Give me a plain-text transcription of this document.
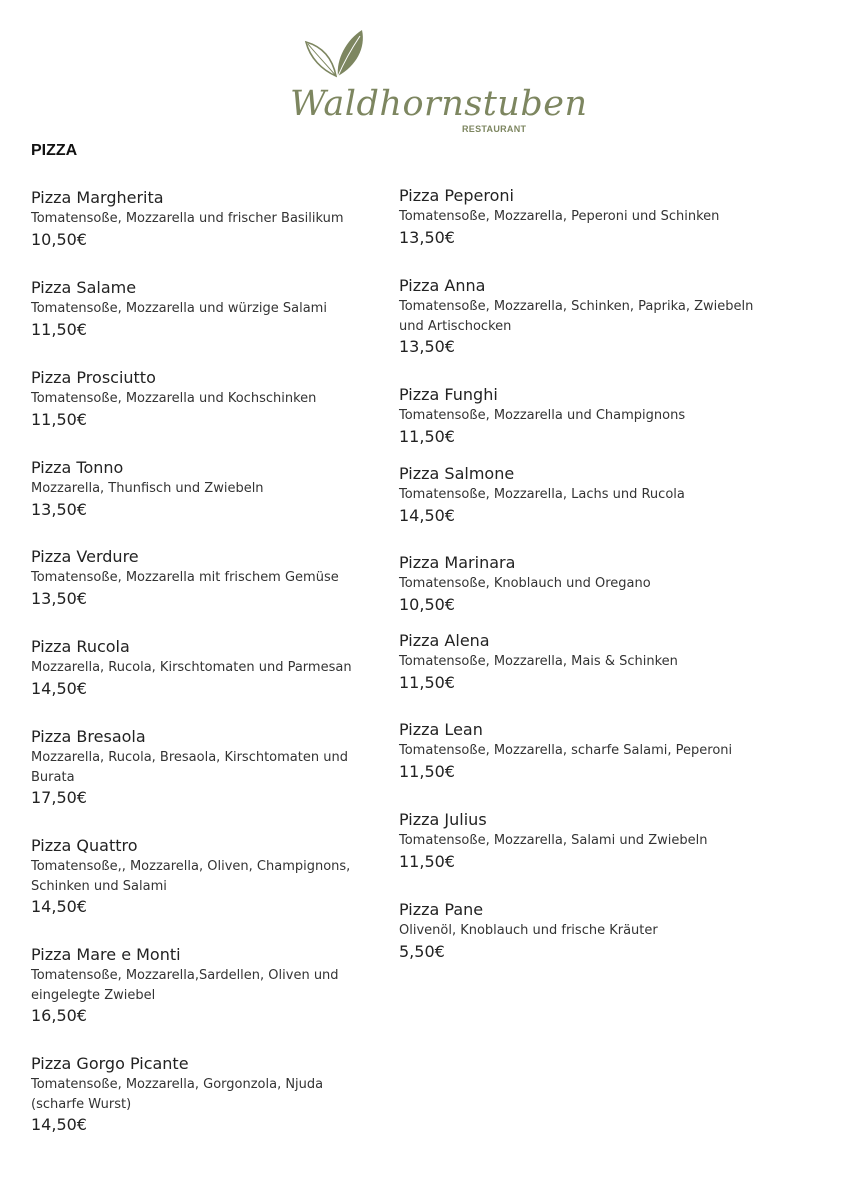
Waldhornstuben
RESTAURANT
PIZZA
Pizza Margherita
Tomatensoße, Mozzarella und frischer Basilikum
10,50€
Pizza Salame
Tomatensoße, Mozzarella und würzige Salami
11,50€
Pizza Prosciutto
Tomatensoße, Mozzarella und Kochschinken
11,50€
Pizza Tonno
Mozzarella, Thunfisch und Zwiebeln
13,50€
Pizza Verdure
Tomatensoße, Mozzarella mit frischem Gemüse
13,50€
Pizza Rucola
Mozzarella, Rucola, Kirschtomaten und Parmesan
14,50€
Pizza Bresaola
Mozzarella, Rucola, Bresaola, Kirschtomaten und Burata
17,50€
Pizza Quattro
Tomatensoße,, Mozzarella, Oliven, Champignons, Schinken und Salami
14,50€
Pizza Mare e Monti
Tomatensoße, Mozzarella,Sardellen, Oliven und eingelegte Zwiebel
16,50€
Pizza Gorgo Picante
Tomatensoße, Mozzarella, Gorgonzola, Njuda (scharfe Wurst)
14,50€
Pizza Peperoni
Tomatensoße, Mozzarella, Peperoni und Schinken
13,50€
Pizza Anna
Tomatensoße, Mozzarella, Schinken, Paprika, Zwiebeln und Artischocken
13,50€
Pizza Funghi
Tomatensoße, Mozzarella und Champignons
11,50€
Pizza Salmone
Tomatensoße, Mozzarella, Lachs und Rucola
14,50€
Pizza Marinara
Tomatensoße, Knoblauch und Oregano
10,50€
Pizza Alena
Tomatensoße, Mozzarella, Mais & Schinken
11,50€
Pizza Lean
Tomatensoße, Mozzarella, scharfe Salami, Peperoni
11,50€
Pizza Julius
Tomatensoße, Mozzarella, Salami und Zwiebeln
11,50€
Pizza Pane
Olivenöl, Knoblauch und frische Kräuter
5,50€
